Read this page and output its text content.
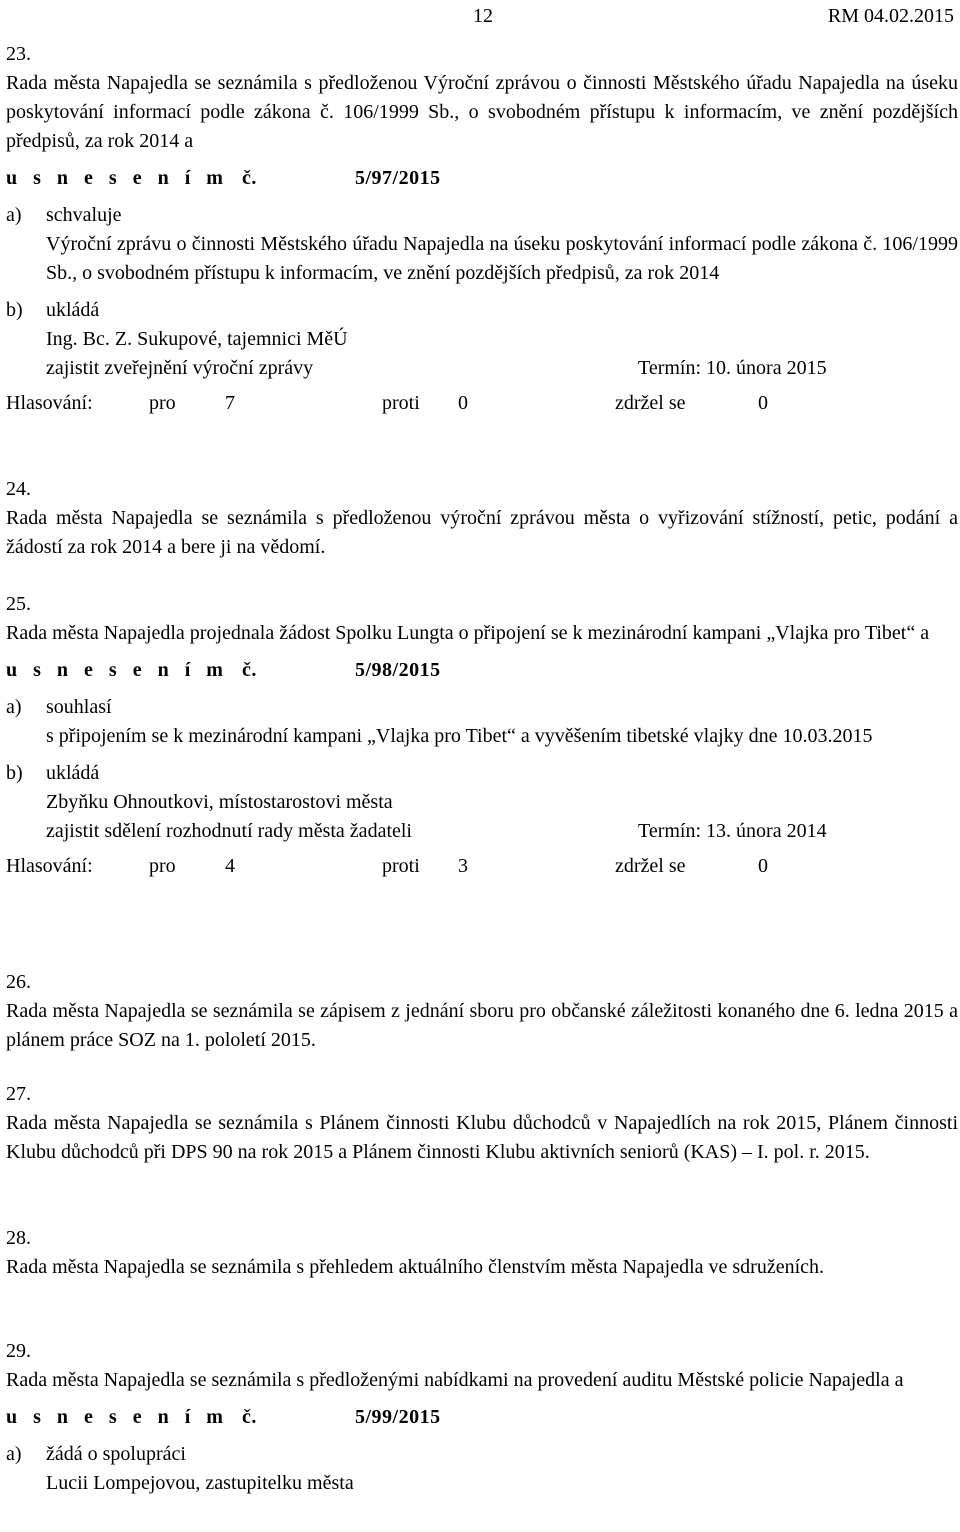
12	RM 04.02.2015
23.
Rada města Napajedla se seznámila s předloženou Výroční zprávou o činnosti Městského úřadu Napajedla na úseku poskytování informací podle zákona č. 106/1999 Sb., o svobodném přístupu k informacím, ve znění pozdějších předpisů, za rok 2014 a
u s n e s e n í m č.	5/97/2015
a)	schvaluje
Výroční zprávu o činnosti Městského úřadu Napajedla na úseku poskytování informací podle zákona č. 106/1999 Sb., o svobodném přístupu k informacím, ve znění pozdějších předpisů, za rok 2014
b)	ukládá
Ing. Bc. Z. Sukupové, tajemnici MěÚ
zajistit zveřejnění výroční zprávy	Termín: 10. února 2015
Hlasování:	pro	7	proti	0	zdržel se	0
24.
Rada města Napajedla se seznámila s předloženou výroční zprávou města o vyřizování stížností, petic, podání a žádostí za rok 2014 a bere ji na vědomí.
25.
Rada města Napajedla projednala žádost Spolku Lungta o připojení se k mezinárodní kampani „Vlajka pro Tibet“ a
u s n e s e n í m č.	5/98/2015
a)	souhlasí
s připojením se k mezinárodní kampani „Vlajka pro Tibet“ a vyvěšením tibetské vlajky dne 10.03.2015
b)	ukládá
Zbyňku Ohnoutkovi, místostarostovi města
zajistit sdělení rozhodnutí rady města žadateli	Termín: 13. února 2014
Hlasování:	pro	4	proti	3	zdržel se	0
26.
Rada města Napajedla se seznámila se zápisem z jednání sboru pro občanské záležitosti konaného dne 6. ledna 2015 a plánem práce SOZ na 1. pololetí 2015.
27.
Rada města Napajedla se seznámila s Plánem činnosti Klubu důchodců v Napajedlích na rok 2015, Plánem činnosti Klubu důchodců při DPS 90 na rok 2015 a Plánem činnosti Klubu aktivních seniorů (KAS) – I. pol. r. 2015.
28.
Rada města Napajedla se seznámila s přehledem aktuálního členstvím města Napajedla ve sdruženích.
29.
Rada města Napajedla se seznámila s předloženými nabídkami na provedení auditu Městské policie Napajedla a
u s n e s e n í m č.	5/99/2015
a)	žádá o spolupráci
Lucii Lompejovou, zastupitelku města
